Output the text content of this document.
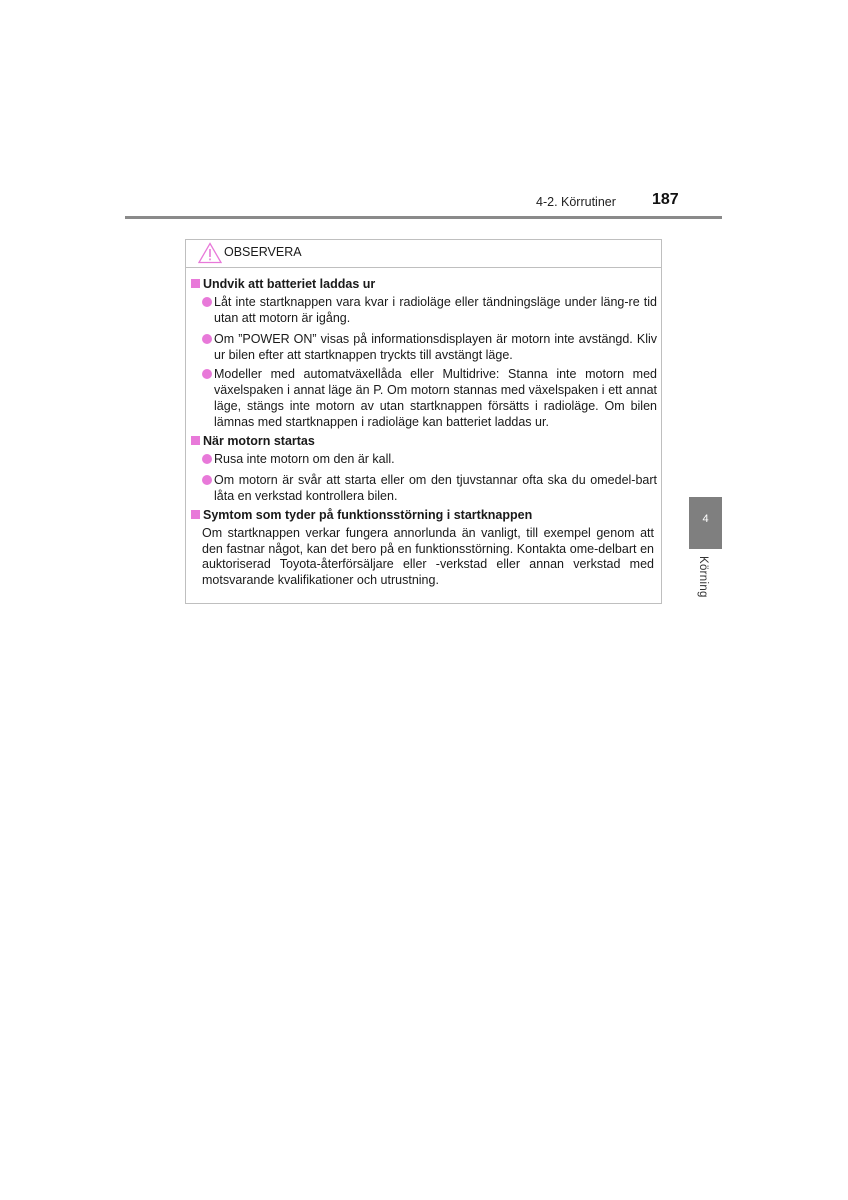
4-2. Körrutiner 187
4
Körning
OBSERVERA
Undvik att batteriet laddas ur
Låt inte startknappen vara kvar i radioläge eller tändningsläge under läng-re tid utan att motorn är igång.
Om ”POWER ON” visas på informationsdisplayen är motorn inte avstängd. Kliv ur bilen efter att startknappen tryckts till avstängt läge.
Modeller med automatväxellåda eller Multidrive: Stanna inte motorn med växelspaken i annat läge än P. Om motorn stannas med växelspaken i ett annat läge, stängs inte motorn av utan startknappen försätts i radioläge. Om bilen lämnas med startknappen i radioläge kan batteriet laddas ur.
När motorn startas
Rusa inte motorn om den är kall.
Om motorn är svår att starta eller om den tjuvstannar ofta ska du omedel-bart låta en verkstad kontrollera bilen.
Symtom som tyder på funktionsstörning i startknappen
Om startknappen verkar fungera annorlunda än vanligt, till exempel genom att den fastnar något, kan det bero på en funktionsstörning. Kontakta ome-delbart en auktoriserad Toyota-återförsäljare eller -verkstad eller annan verkstad med motsvarande kvalifikationer och utrustning.
